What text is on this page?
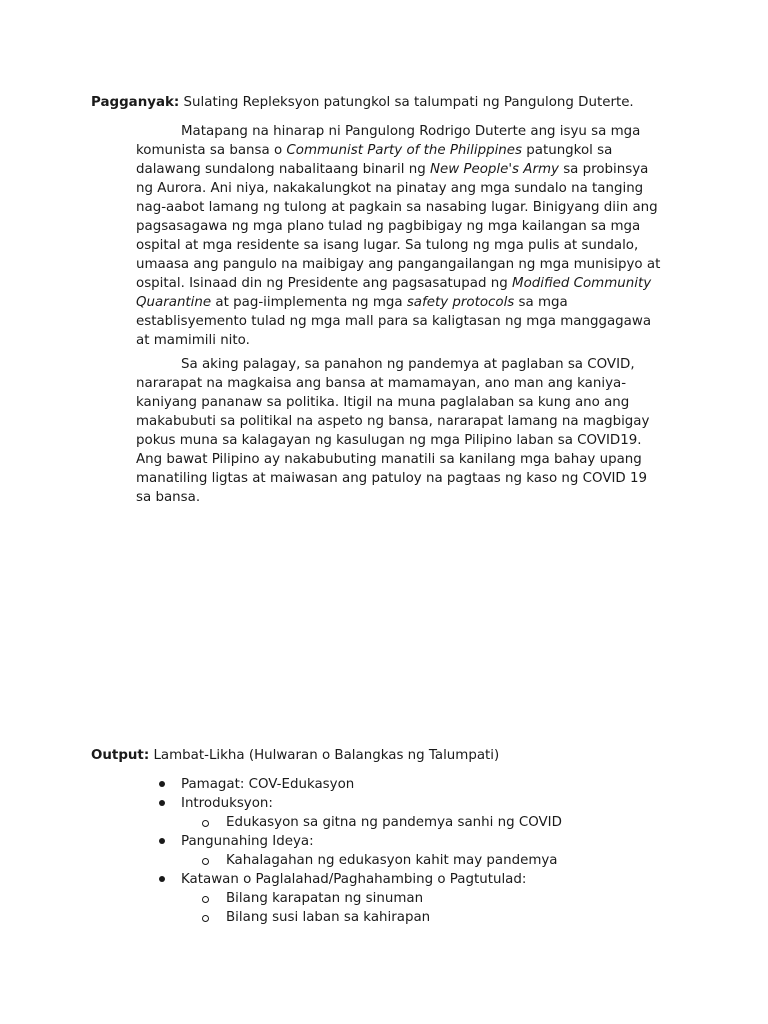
Pagganyak: Sulating Repleksyon patungkol sa talumpati ng Pangulong Duterte.
Matapang na hinarap ni Pangulong Rodrigo Duterte ang isyu sa mga
komunista sa bansa o Communist Party of the Philippines patungkol sa
dalawang sundalong nabalitaang binaril ng New People's Army sa probinsya
ng Aurora. Ani niya, nakakalungkot na pinatay ang mga sundalo na tanging
nag-aabot lamang ng tulong at pagkain sa nasabing lugar. Binigyang diin ang
pagsasagawa ng mga plano tulad ng pagbibigay ng mga kailangan sa mga
ospital at mga residente sa isang lugar. Sa tulong ng mga pulis at sundalo,
umaasa ang pangulo na maibigay ang pangangailangan ng mga munisipyo at
ospital. Isinaad din ng Presidente ang pagsasatupad ng Modified Community
Quarantine at pag-iimplementa ng mga safety protocols sa mga
establisyemento tulad ng mga mall para sa kaligtasan ng mga manggagawa
at mamimili nito.
Sa aking palagay, sa panahon ng pandemya at paglaban sa COVID,
nararapat na magkaisa ang bansa at mamamayan, ano man ang kaniya-
kaniyang pananaw sa politika. Itigil na muna paglalaban sa kung ano ang
makabubuti sa politikal na aspeto ng bansa, nararapat lamang na magbigay
pokus muna sa kalagayan ng kasulugan ng mga Pilipino laban sa COVID19.
Ang bawat Pilipino ay nakabubuting manatili sa kanilang mga bahay upang
manatiling ligtas at maiwasan ang patuloy na pagtaas ng kaso ng COVID 19
sa bansa.
Output: Lambat-Likha (Hulwaran o Balangkas ng Talumpati)
Pamagat: COV-Edukasyon
Introduksyon:
Edukasyon sa gitna ng pandemya sanhi ng COVID
Pangunahing Ideya:
Kahalagahan ng edukasyon kahit may pandemya
Katawan o Paglalahad/Paghahambing o Pagtutulad:
Bilang karapatan ng sinuman
Bilang susi laban sa kahirapan
